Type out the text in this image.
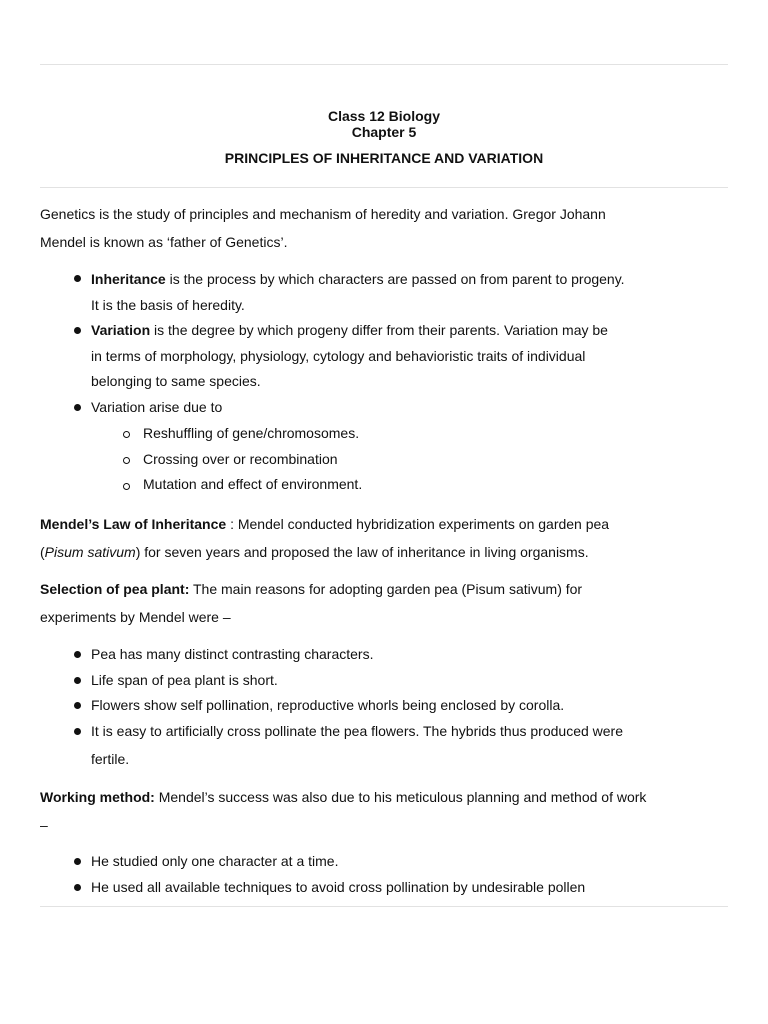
Class 12 Biology
Chapter 5
PRINCIPLES OF INHERITANCE AND VARIATION
Genetics is the study of principles and mechanism of heredity and variation. Gregor Johann
Mendel is known as ‘father of Genetics’.
Inheritance is the process by which characters are passed on from parent to progeny.
It is the basis of heredity.
Variation is the degree by which progeny differ from their parents. Variation may be
in terms of morphology, physiology, cytology and behavioristic traits of individual
belonging to same species.
Variation arise due to
Reshuffling of gene/chromosomes.
Crossing over or recombination
Mutation and effect of environment.
Mendel’s Law of Inheritance : Mendel conducted hybridization experiments on garden pea
(Pisum sativum) for seven years and proposed the law of inheritance in living organisms.
Selection of pea plant: The main reasons for adopting garden pea (Pisum sativum) for
experiments by Mendel were –
Pea has many distinct contrasting characters.
Life span of pea plant is short.
Flowers show self pollination, reproductive whorls being enclosed by corolla.
It is easy to artificially cross pollinate the pea flowers. The hybrids thus produced were
fertile.
Working method: Mendel’s success was also due to his meticulous planning and method of work
–
He studied only one character at a time.
He used all available techniques to avoid cross pollination by undesirable pollen
